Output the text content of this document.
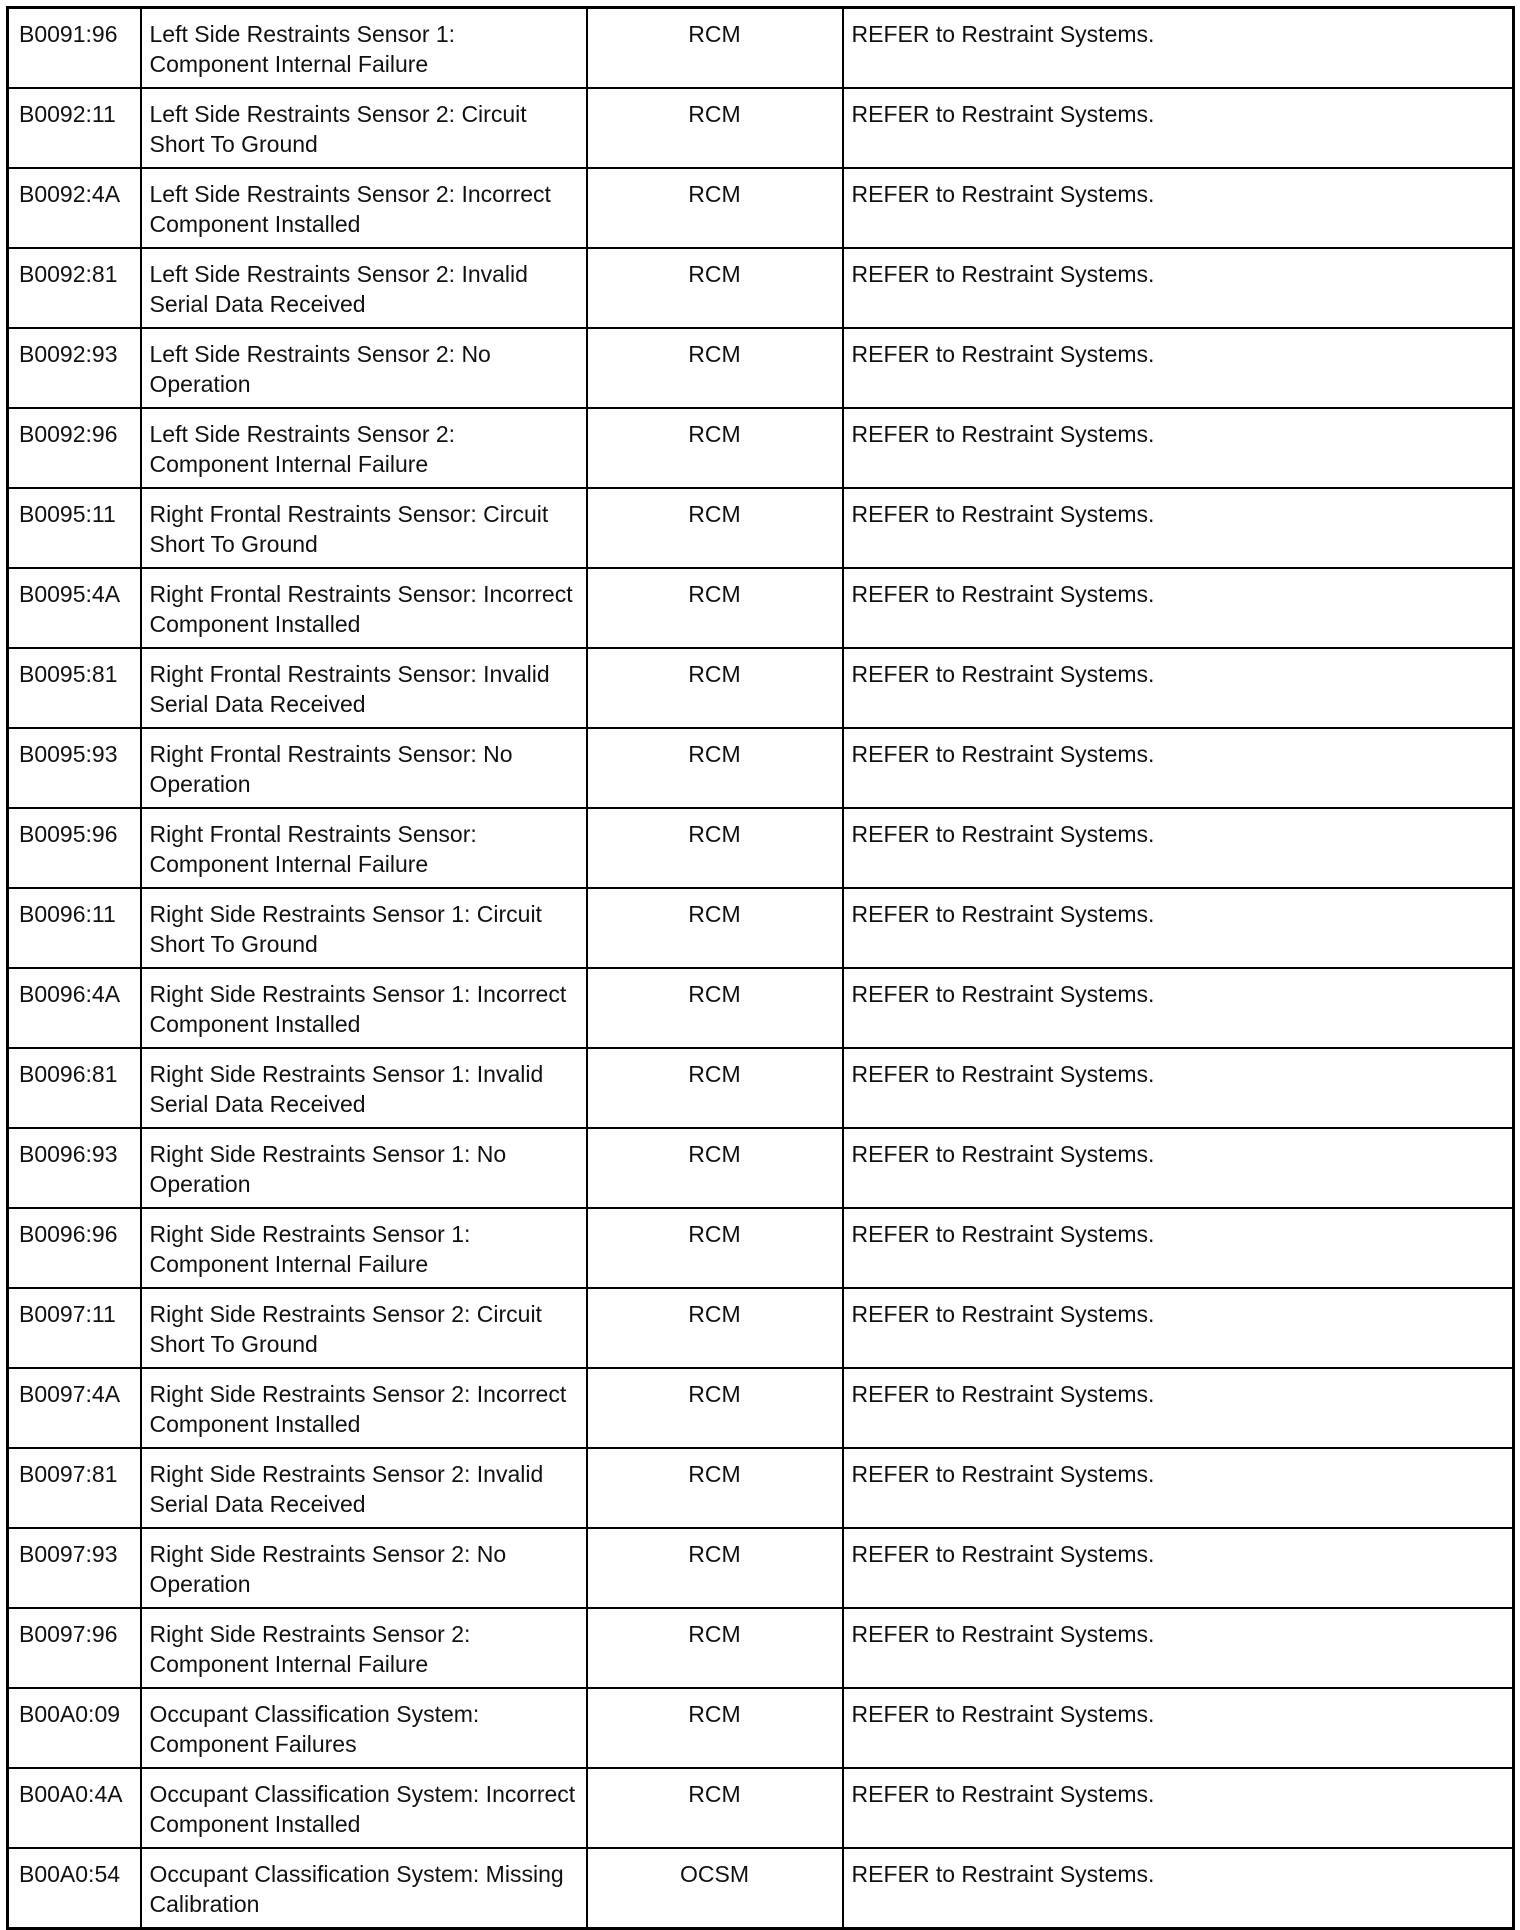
B0091:96	Left Side Restraints Sensor 1: Component Internal Failure	RCM	REFER to Restraint Systems.
B0092:11	Left Side Restraints Sensor 2: Circuit Short To Ground	RCM	REFER to Restraint Systems.
B0092:4A	Left Side Restraints Sensor 2: Incorrect Component Installed	RCM	REFER to Restraint Systems.
B0092:81	Left Side Restraints Sensor 2: Invalid Serial Data Received	RCM	REFER to Restraint Systems.
B0092:93	Left Side Restraints Sensor 2: No Operation	RCM	REFER to Restraint Systems.
B0092:96	Left Side Restraints Sensor 2: Component Internal Failure	RCM	REFER to Restraint Systems.
B0095:11	Right Frontal Restraints Sensor: Circuit Short To Ground	RCM	REFER to Restraint Systems.
B0095:4A	Right Frontal Restraints Sensor: Incorrect Component Installed	RCM	REFER to Restraint Systems.
B0095:81	Right Frontal Restraints Sensor: Invalid Serial Data Received	RCM	REFER to Restraint Systems.
B0095:93	Right Frontal Restraints Sensor: No Operation	RCM	REFER to Restraint Systems.
B0095:96	Right Frontal Restraints Sensor: Component Internal Failure	RCM	REFER to Restraint Systems.
B0096:11	Right Side Restraints Sensor 1: Circuit Short To Ground	RCM	REFER to Restraint Systems.
B0096:4A	Right Side Restraints Sensor 1: Incorrect Component Installed	RCM	REFER to Restraint Systems.
B0096:81	Right Side Restraints Sensor 1: Invalid Serial Data Received	RCM	REFER to Restraint Systems.
B0096:93	Right Side Restraints Sensor 1: No Operation	RCM	REFER to Restraint Systems.
B0096:96	Right Side Restraints Sensor 1: Component Internal Failure	RCM	REFER to Restraint Systems.
B0097:11	Right Side Restraints Sensor 2: Circuit Short To Ground	RCM	REFER to Restraint Systems.
B0097:4A	Right Side Restraints Sensor 2: Incorrect Component Installed	RCM	REFER to Restraint Systems.
B0097:81	Right Side Restraints Sensor 2: Invalid Serial Data Received	RCM	REFER to Restraint Systems.
B0097:93	Right Side Restraints Sensor 2: No Operation	RCM	REFER to Restraint Systems.
B0097:96	Right Side Restraints Sensor 2: Component Internal Failure	RCM	REFER to Restraint Systems.
B00A0:09	Occupant Classification System: Component Failures	RCM	REFER to Restraint Systems.
B00A0:4A	Occupant Classification System: Incorrect Component Installed	RCM	REFER to Restraint Systems.
B00A0:54	Occupant Classification System: Missing Calibration	OCSM	REFER to Restraint Systems.
